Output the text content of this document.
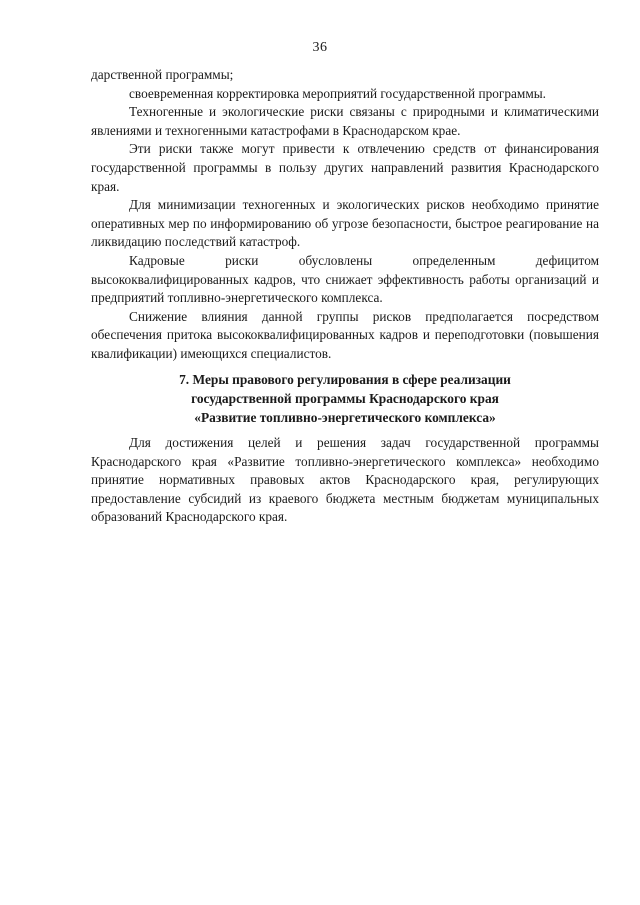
36

дарственной программы;

своевременная корректировка мероприятий государственной программы.

Техногенные и экологические риски связаны с природными и климатическими явлениями и техногенными катастрофами в Краснодарском крае.

Эти риски также могут привести к отвлечению средств от финансирования государственной программы в пользу других направлений развития Краснодарского края.

Для минимизации техногенных и экологических рисков необходимо принятие оперативных мер по информированию об угрозе безопасности, быстрое реагирование на ликвидацию последствий катастроф.

Кадровые риски обусловлены определенным дефицитом высококвалифицированных кадров, что снижает эффективность работы организаций и предприятий топливно-энергетического комплекса.

Снижение влияния данной группы рисков предполагается посредством обеспечения притока высококвалифицированных кадров и переподготовки (повышения квалификации) имеющихся специалистов.

7. Меры правового регулирования в сфере реализации
государственной программы Краснодарского края
«Развитие топливно-энергетического комплекса»

Для достижения целей и решения задач государственной программы Краснодарского края «Развитие топливно-энергетического комплекса» необходимо принятие нормативных правовых актов Краснодарского края, регулирующих предоставление субсидий из краевого бюджета местным бюджетам муниципальных образований Краснодарского края.
